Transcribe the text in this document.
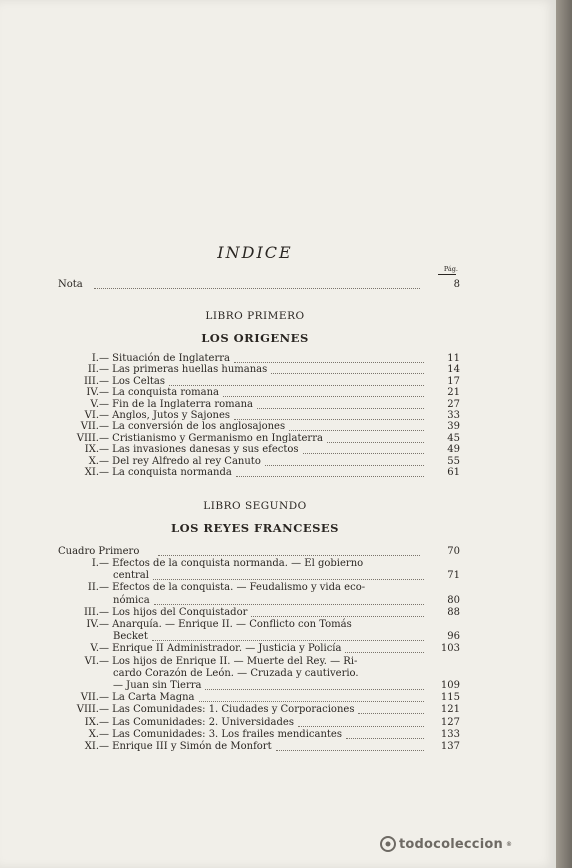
INDICE
Pág.
Nota	8
LIBRO PRIMERO
LOS ORIGENES
I.— Situación de Inglaterra	11
II.— Las primeras huellas humanas	14
III.— Los Celtas	17
IV.— La conquista romana	21
V.— Fin de la Inglaterra romana	27
VI.— Anglos, Jutos y Sajones	33
VII.— La conversión de los anglosajones	39
VIII.— Cristianismo y Germanismo en Inglaterra	45
IX.— Las invasiones danesas y sus efectos	49
X.— Del rey Alfredo al rey Canuto	55
XI.— La conquista normanda	61
LIBRO SEGUNDO
LOS REYES FRANCESES
Cuadro Primero	70
I.— Efectos de la conquista normanda. — El gobierno
central	71
II.— Efectos de la conquista. — Feudalismo y vida eco-
nómica	80
III.— Los hijos del Conquistador	88
IV.— Anarquía. — Enrique II. — Conflicto con Tomás
Becket	96
V.— Enrique II Administrador. — Justicia y Policía	103
VI.— Los hijos de Enrique II. — Muerte del Rey. — Ri-
cardo Corazón de León. — Cruzada y cautiverio.
— Juan sin Tierra	109
VII.— La Carta Magna	115
VIII.— Las Comunidades: 1. Ciudades y Corporaciones	121
IX.— Las Comunidades: 2. Universidades	127
X.— Las Comunidades: 3. Los frailes mendicantes	133
XI.— Enrique III y Simón de Monfort	137
todocoleccion ®
